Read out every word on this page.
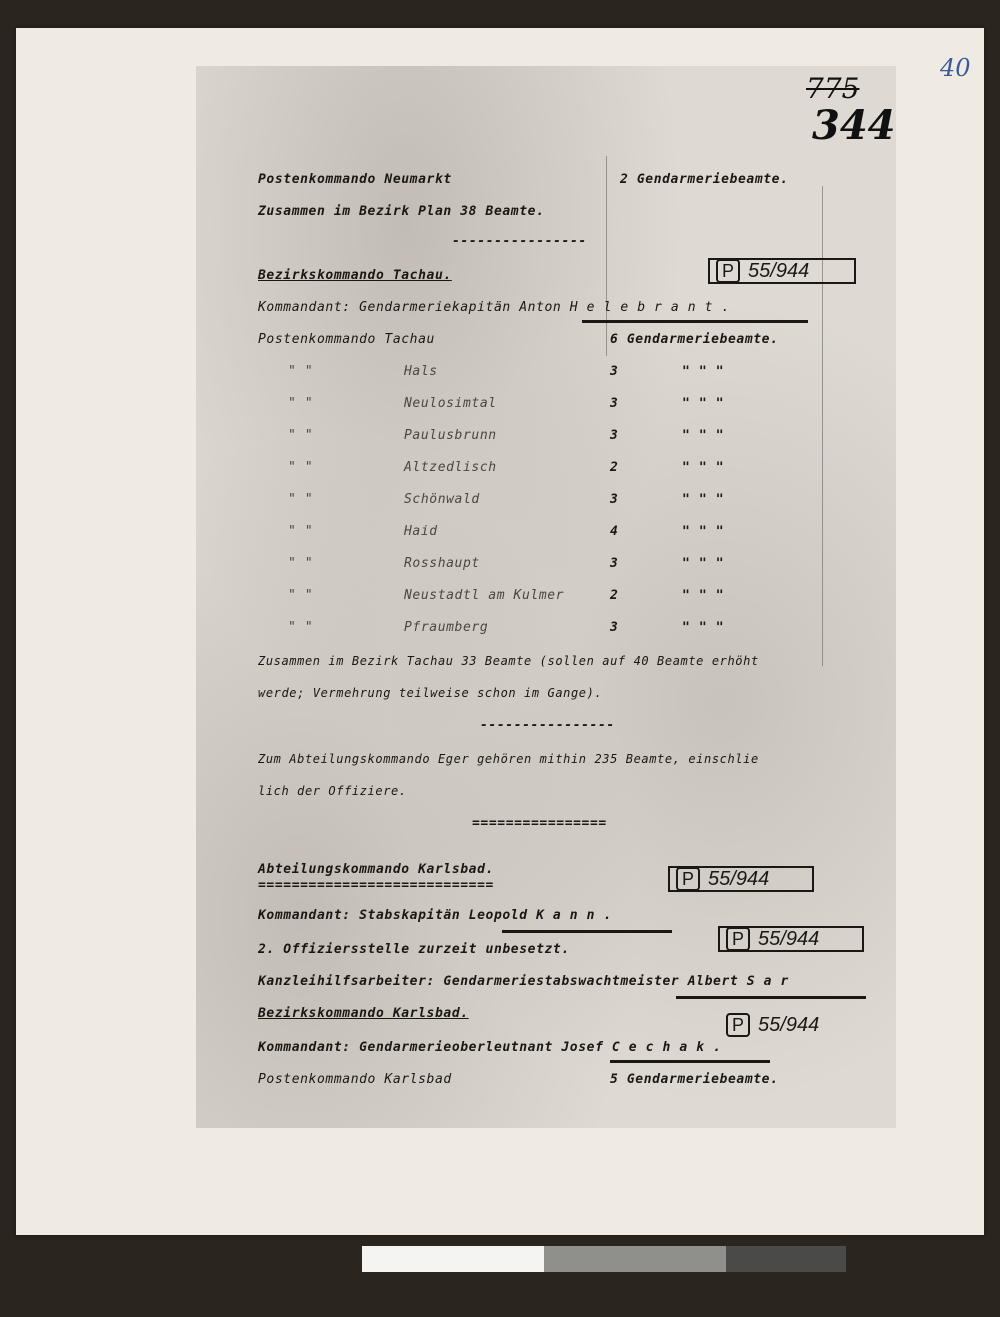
40
775
344
Postenkommando Neumarkt	2 Gendarmeriebeamte.
Zusammen im Bezirk Plan 38 Beamte.
----------------
Bezirkskommando Tachau.	P 55/944
Kommandant: Gendarmeriekapitän Anton H e l e b r a n t .
Postenkommando Tachau	6 Gendarmeriebeamte.
" "	Hals	3	" " "
" "	Neulosimtal	3	" " "
" "	Paulusbrunn	3	" " "
" "	Altzedlisch	2	" " "
" "	Schönwald	3	" " "
" "	Haid	4	" " "
" "	Rosshaupt	3	" " "
" "	Neustadtl am Kulmer	2	" " "
" "	Pfraumberg	3	" " "
Zusammen im Bezirk Tachau 33 Beamte (sollen auf 40 Beamte erhöht
werde; Vermehrung teilweise schon im Gange).
----------------
Zum Abteilungskommando Eger gehören mithin 235 Beamte, einschlie
lich der Offiziere.
================
Abteilungskommando Karlsbad.
============================	P 55/944
Kommandant: Stabskapitän Leopold K a n n .
P 55/944
2. Offiziersstelle zurzeit unbesetzt.
Kanzleihilfsarbeiter: Gendarmeriestabswachtmeister Albert S a r
Bezirkskommando Karlsbad.
P 55/944
Kommandant: Gendarmerieoberleutnant Josef C e c h a k .
Postenkommando Karlsbad	5 Gendarmeriebeamte.
